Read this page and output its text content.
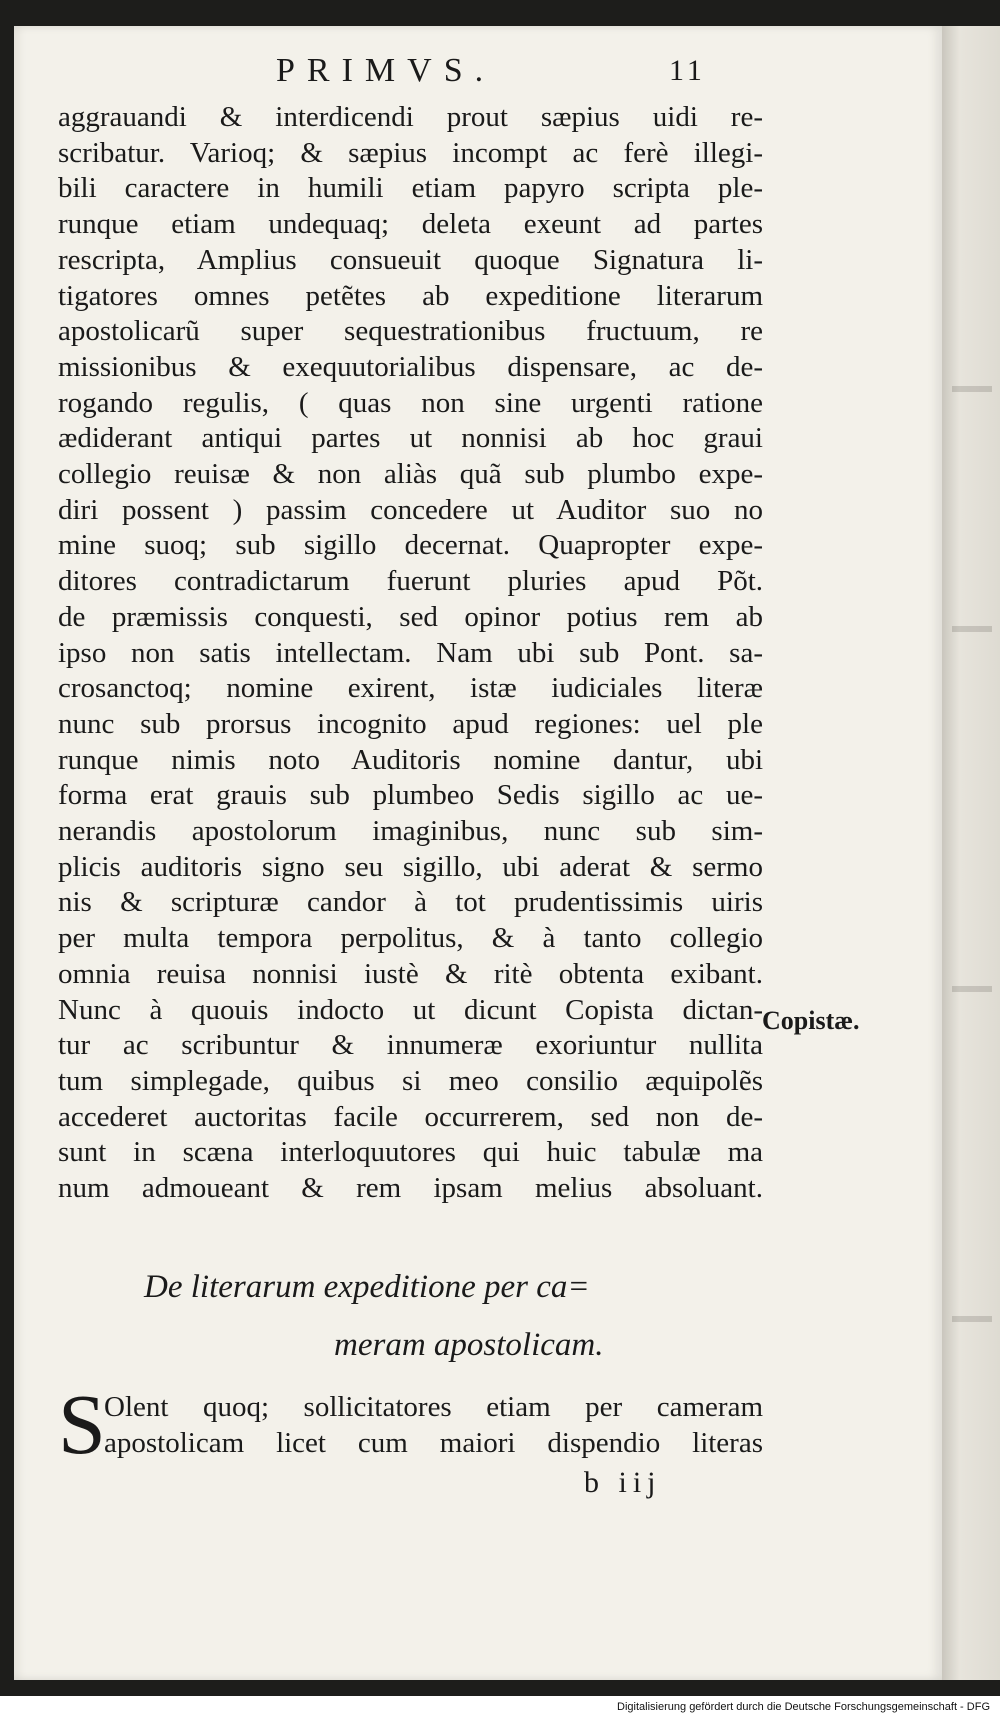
PRIMVS.	11
aggrauandi & interdicendi prout sæpius uidi re-
scribatur. Varioq; & sæpius incompt ac ferè illegi-
bili caractere in humili etiam papyro scripta ple-
runque etiam undequaq; deleta exeunt ad partes
rescripta, Amplius consueuit quoque Signatura li-
tigatores omnes petẽtes ab expeditione literarum
apostolicarũ super sequestrationibus fructuum, re
missionibus & exequutorialibus dispensare, ac de-
rogando regulis, ( quas non sine urgenti ratione
ædiderant antiqui partes ut nonnisi ab hoc graui
collegio reuisæ & non aliàs quã sub plumbo expe-
diri possent ) passim concedere ut Auditor suo no
mine suoq; sub sigillo decernat. Quapropter expe-
ditores contradictarum fuerunt pluries apud Põt.
de præmissis conquesti, sed opinor potius rem ab
ipso non satis intellectam. Nam ubi sub Pont. sa-
crosanctoq; nomine exirent, istæ iudiciales literæ
nunc sub prorsus incognito apud regiones: uel ple
runque nimis noto Auditoris nomine dantur, ubi
forma erat grauis sub plumbeo Sedis sigillo ac ue-
nerandis apostolorum imaginibus, nunc sub sim-
plicis auditoris signo seu sigillo, ubi aderat & sermo
nis & scripturæ candor à tot prudentissimis uiris
per multa tempora perpolitus, & à tanto collegio
omnia reuisa nonnisi iustè & ritè obtenta exibant.
Nunc à quouis indocto ut dicunt Copista dictan-
tur ac scribuntur & innumeræ exoriuntur nullita
tum simplegade, quibus si meo consilio æquipolẽs
accederet auctoritas facile occurrerem, sed non de-
sunt in scæna interloquutores qui huic tabulæ ma
num admoueant & rem ipsam melius absoluant.
Copistæ.
De literarum expeditione per ca=
meram apostolicam.
S
Olent quoq; sollicitatores etiam per cameram
apostolicam licet cum maiori dispendio literas
b iij
Digitalisierung gefördert durch die Deutsche Forschungsgemeinschaft - DFG
